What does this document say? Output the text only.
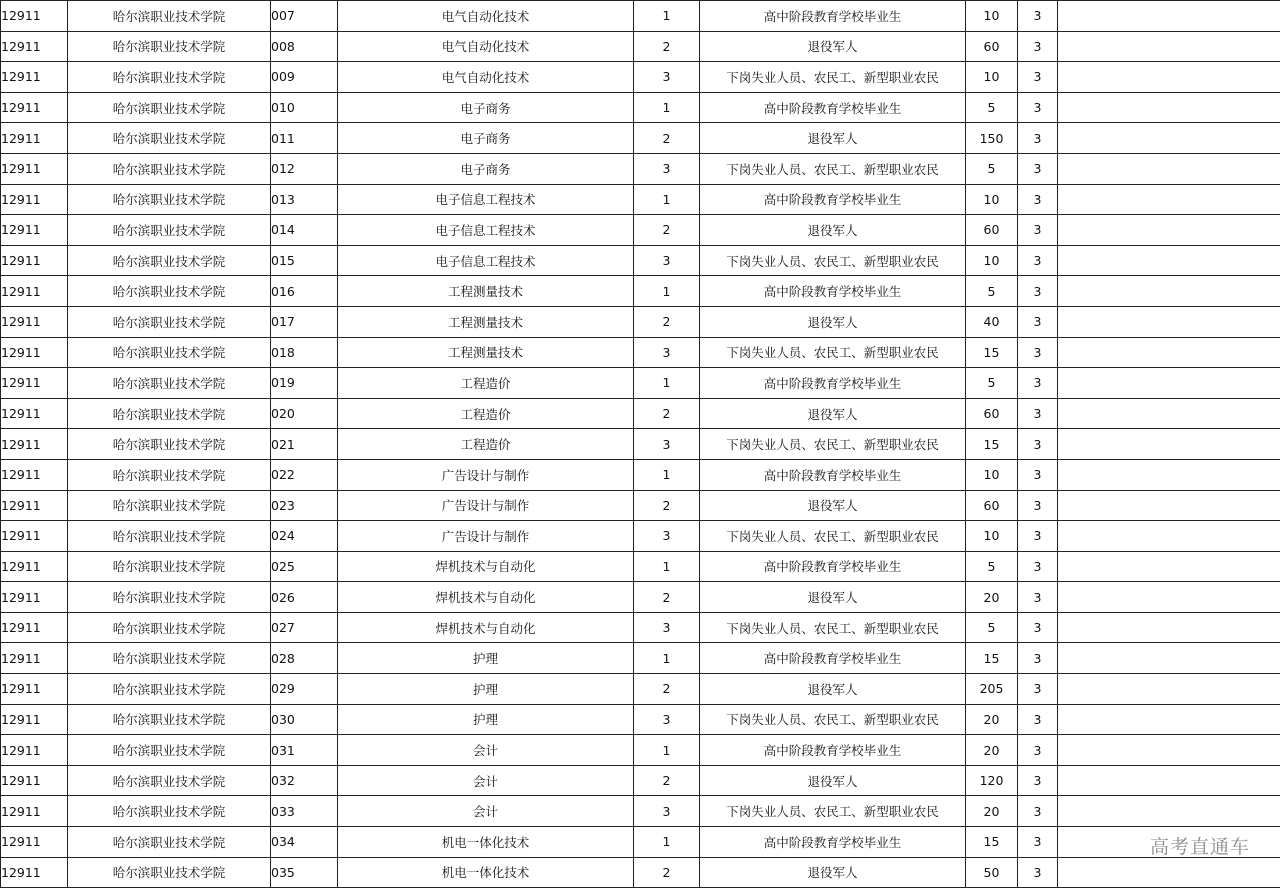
12911	哈尔滨职业技术学院	007	电气自动化技术	1	高中阶段教育学校毕业生	10	3	
12911	哈尔滨职业技术学院	008	电气自动化技术	2	退役军人	60	3	
12911	哈尔滨职业技术学院	009	电气自动化技术	3	下岗失业人员、农民工、新型职业农民	10	3	
12911	哈尔滨职业技术学院	010	电子商务	1	高中阶段教育学校毕业生	5	3	
12911	哈尔滨职业技术学院	011	电子商务	2	退役军人	150	3	
12911	哈尔滨职业技术学院	012	电子商务	3	下岗失业人员、农民工、新型职业农民	5	3	
12911	哈尔滨职业技术学院	013	电子信息工程技术	1	高中阶段教育学校毕业生	10	3	
12911	哈尔滨职业技术学院	014	电子信息工程技术	2	退役军人	60	3	
12911	哈尔滨职业技术学院	015	电子信息工程技术	3	下岗失业人员、农民工、新型职业农民	10	3	
12911	哈尔滨职业技术学院	016	工程测量技术	1	高中阶段教育学校毕业生	5	3	
12911	哈尔滨职业技术学院	017	工程测量技术	2	退役军人	40	3	
12911	哈尔滨职业技术学院	018	工程测量技术	3	下岗失业人员、农民工、新型职业农民	15	3	
12911	哈尔滨职业技术学院	019	工程造价	1	高中阶段教育学校毕业生	5	3	
12911	哈尔滨职业技术学院	020	工程造价	2	退役军人	60	3	
12911	哈尔滨职业技术学院	021	工程造价	3	下岗失业人员、农民工、新型职业农民	15	3	
12911	哈尔滨职业技术学院	022	广告设计与制作	1	高中阶段教育学校毕业生	10	3	
12911	哈尔滨职业技术学院	023	广告设计与制作	2	退役军人	60	3	
12911	哈尔滨职业技术学院	024	广告设计与制作	3	下岗失业人员、农民工、新型职业农民	10	3	
12911	哈尔滨职业技术学院	025	焊机技术与自动化	1	高中阶段教育学校毕业生	5	3	
12911	哈尔滨职业技术学院	026	焊机技术与自动化	2	退役军人	20	3	
12911	哈尔滨职业技术学院	027	焊机技术与自动化	3	下岗失业人员、农民工、新型职业农民	5	3	
12911	哈尔滨职业技术学院	028	护理	1	高中阶段教育学校毕业生	15	3	
12911	哈尔滨职业技术学院	029	护理	2	退役军人	205	3	
12911	哈尔滨职业技术学院	030	护理	3	下岗失业人员、农民工、新型职业农民	20	3	
12911	哈尔滨职业技术学院	031	会计	1	高中阶段教育学校毕业生	20	3	
12911	哈尔滨职业技术学院	032	会计	2	退役军人	120	3	
12911	哈尔滨职业技术学院	033	会计	3	下岗失业人员、农民工、新型职业农民	20	3	
12911	哈尔滨职业技术学院	034	机电一体化技术	1	高中阶段教育学校毕业生	15	3	
12911	哈尔滨职业技术学院	035	机电一体化技术	2	退役军人	50	3	
高考直通车
